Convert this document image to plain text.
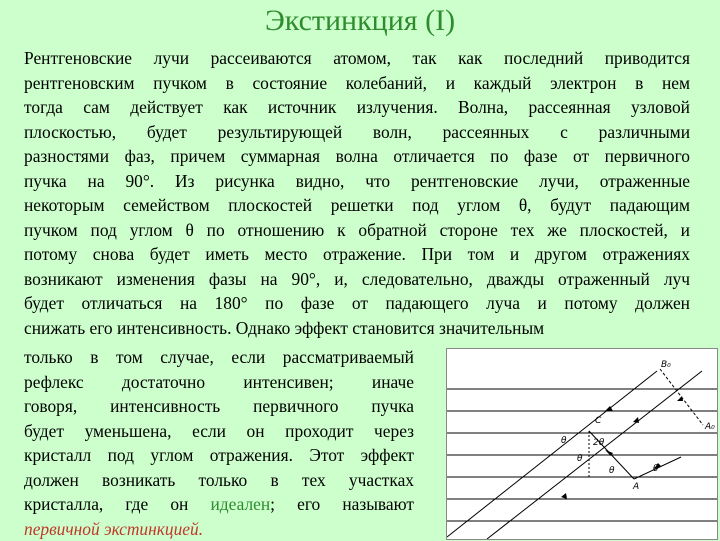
Экстинкция (I)
Рентгеновские лучи рассеиваются атомом, так как последний приводится
рентгеновским пучком в состояние колебаний, и каждый электрон в нем
тогда сам действует как источник излучения. Волна, рассеянная узловой
плоскостью, будет результирующей волн, рассеянных с различными
разностями фаз, причем суммарная волна отличается по фазе от первичного
пучка на 90°. Из рисунка видно, что рентгеновские лучи, отраженные
некоторым семейством плоскостей решетки под углом θ, будут падающим
пучком под углом θ по отношению к обратной стороне тех же плоскостей, и
потому снова будет иметь место отражение. При том и другом отражениях
возникают изменения фазы на 90°, и, следовательно, дважды отраженный луч
будет отличаться на 180° по фазе от падающего луча и потому должен
снижать его интенсивность. Однако эффект становится значительным
только в том случае, если рассматриваемый
рефлекс достаточно интенсивен; иначе
говоря, интенсивность первичного пучка
будет уменьшена, если он проходит через
кристалл под углом отражения. Этот эффект
должен возникать только в тех участках
кристалла, где он идеален; его называют
первичной экстинкцией.
B₀
A₀
C
A
θ
θ
θ	θ
2θ
